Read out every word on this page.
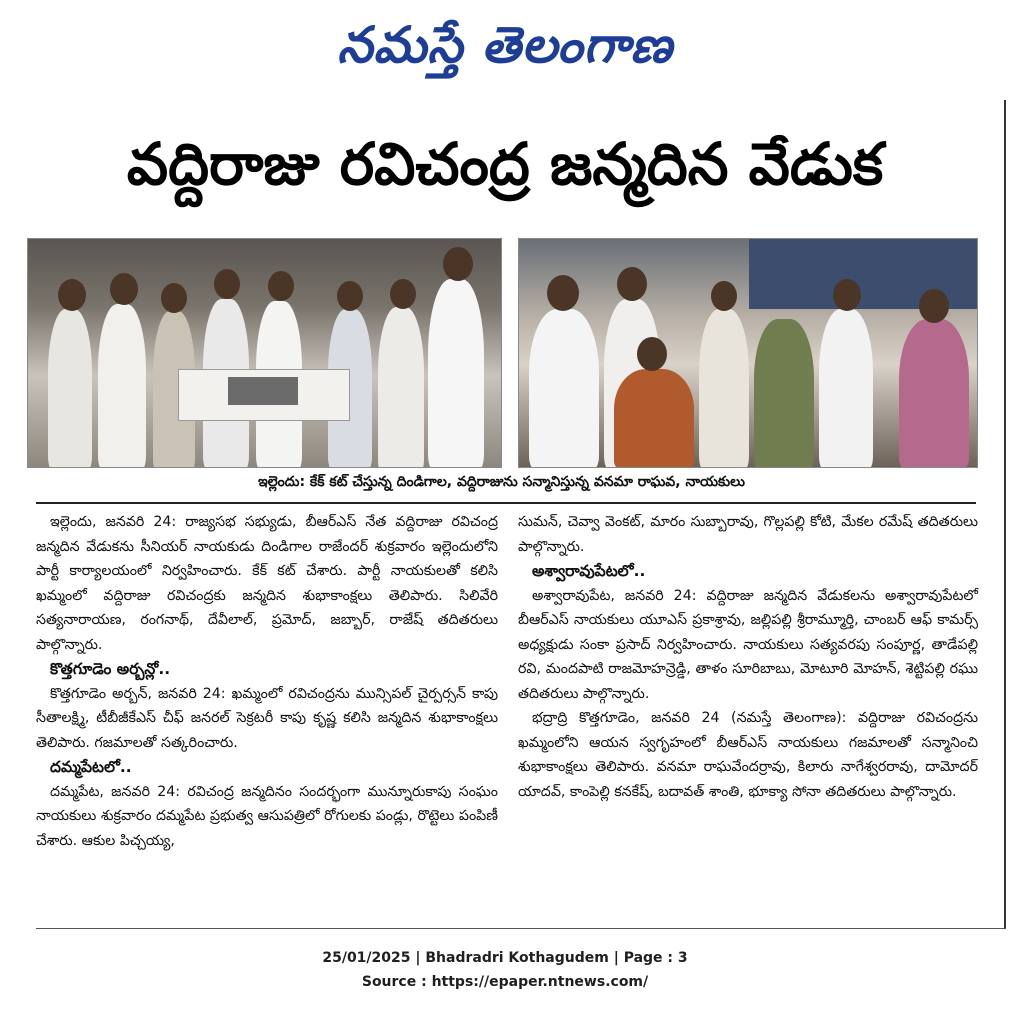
నమస్తే తెలంగాణ
వద్దిరాజు రవిచంద్ర జన్మదిన వేడుక
ఇల్లెందు: కేక్ కట్ చేస్తున్న దిండిగాల, వద్దిరాజును సన్మానిస్తున్న వనమా రాఘవ, నాయకులు

ఇల్లెందు, జనవరి 24: రాజ్యసభ సభ్యుడు, బీఆర్ఎస్ నేత వద్దిరాజు రవిచంద్ర జన్మదిన వేడుకను సీనియర్ నాయకుడు దిండిగాల రాజేందర్ శుక్రవారం ఇల్లెందులోని పార్టీ కార్యాలయంలో నిర్వహించారు. కేక్ కట్ చేశారు. పార్టీ నాయకులతో కలిసి ఖమ్మంలో వద్దిరాజు రవిచంద్రకు జన్మదిన శుభాకాంక్షలు తెలిపారు. సిలివేరి సత్యనారాయణ, రంగనాథ్, దేవీలాల్, ప్రమోద్, జబ్బార్, రాజేష్ తదితరులు పాల్గొన్నారు.

కొత్తగూడెం అర్బన్లో..

కొత్తగూడెం అర్బన్, జనవరి 24: ఖమ్మంలో రవిచంద్రను మున్సిపల్ చైర్పర్సన్ కాపు సీతాలక్ష్మి, టీబీజీకేఎస్ చీఫ్ జనరల్ సెక్రటరీ కాపు కృష్ణ కలిసి జన్మదిన శుభాకాంక్షలు తెలిపారు. గజమాలతో సత్కరించారు.

దమ్మపేటలో..

దమ్మపేట, జనవరి 24: రవిచంద్ర జన్మదినం సందర్భంగా మున్నూరుకాపు సంఘం నాయకులు శుక్రవారం దమ్మపేట ప్రభుత్వ ఆసుపత్రిలో రోగులకు పండ్లు, రొట్టెలు పంపిణీ చేశారు. ఆకుల పిచ్చయ్య,

సుమన్, చెవ్వా వెంకట్, మారం సుబ్బారావు, గొల్లపల్లి కోటి, మేకల రమేష్ తదితరులు పాల్గొన్నారు.

అశ్వారావుపేటలో..

అశ్వారావుపేట, జనవరి 24: వద్దిరాజు జన్మదిన వేడుకలను అశ్వారావుపేటలో బీఆర్ఎస్ నాయకులు యూఎస్ ప్రకాశ్రావు, జల్లిపల్లి శ్రీరామ్మూర్తి, చాంబర్ ఆఫ్ కామర్స్ అధ్యక్షుడు సంకా ప్రసాద్ నిర్వహించారు. నాయకులు సత్యవరపు సంపూర్ణ, తాడేపల్లి రవి, మందపాటి రాజమోహన్రెడ్డి, తాళం సూరిబాబు, మోటూరి మోహన్, శెట్టిపల్లి రఘు తదితరులు పాల్గొన్నారు.

భద్రాద్రి కొత్తగూడెం, జనవరి 24 (నమస్తే తెలంగాణ): వద్దిరాజు రవిచంద్రను ఖమ్మంలోని ఆయన స్వగృహంలో బీఆర్ఎస్ నాయకులు గజమాలతో సన్మానించి శుభాకాంక్షలు తెలిపారు. వనమా రాఘవేందర్రావు, కిలారు నాగేశ్వరరావు, దామోదర్ యాదవ్, కాంపెల్లి కనకేష్, బదావత్ శాంతి, భూక్యా సోనా తదితరులు పాల్గొన్నారు.

25/01/2025 | Bhadradri Kothagudem | Page : 3
Source : https://epaper.ntnews.com/
